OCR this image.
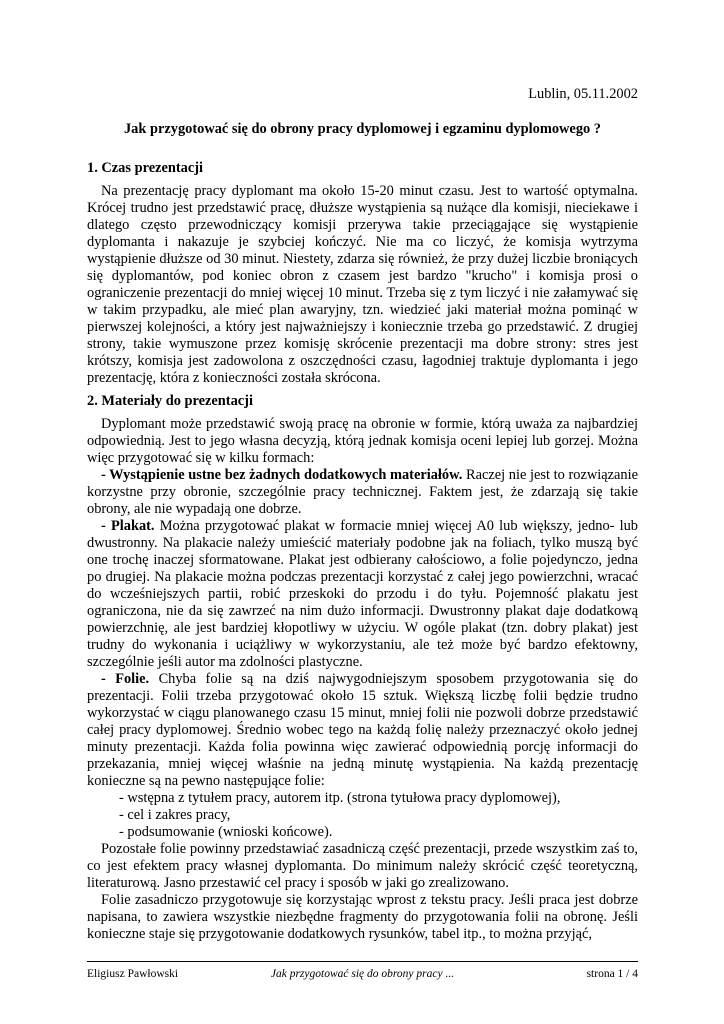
Lublin, 05.11.2002
Jak przygotować się do obrony pracy dyplomowej i egzaminu dyplomowego ?
1. Czas prezentacji

Na prezentację pracy dyplomant ma około 15-20 minut czasu. Jest to wartość optymalna. Krócej trudno jest przedstawić pracę, dłuższe wystąpienia są nużące dla komisji, nieciekawe i dlatego często przewodniczący komisji przerywa takie przeciągające się wystąpienie dyplomanta i nakazuje je szybciej kończyć. Nie ma co liczyć, że komisja wytrzyma wystąpienie dłuższe od 30 minut. Niestety, zdarza się również, że przy dużej liczbie broniących się dyplomantów, pod koniec obron z czasem jest bardzo "krucho" i komisja prosi o ograniczenie prezentacji do mniej więcej 10 minut. Trzeba się z tym liczyć i nie załamywać się w takim przypadku, ale mieć plan awaryjny, tzn. wiedzieć jaki materiał można pominąć w pierwszej kolejności, a który jest najważniejszy i koniecznie trzeba go przedstawić. Z drugiej strony, takie wymuszone przez komisję skrócenie prezentacji ma dobre strony: stres jest krótszy, komisja jest zadowolona z oszczędności czasu, łagodniej traktuje dyplomanta i jego prezentację, która z konieczności została skrócona.

2. Materiały do prezentacji

Dyplomant może przedstawić swoją pracę na obronie w formie, którą uważa za najbardziej odpowiednią. Jest to jego własna decyzją, którą jednak komisja oceni lepiej lub gorzej. Można więc przygotować się w kilku formach:

- Wystąpienie ustne bez żadnych dodatkowych materiałów. Raczej nie jest to rozwiązanie korzystne przy obronie, szczególnie pracy technicznej. Faktem jest, że zdarzają się takie obrony, ale nie wypadają one dobrze.

- Plakat. Można przygotować plakat w formacie mniej więcej A0 lub większy, jedno- lub dwustronny. Na plakacie należy umieścić materiały podobne jak na foliach, tylko muszą być one trochę inaczej sformatowane. Plakat jest odbierany całościowo, a folie pojedynczo, jedna po drugiej. Na plakacie można podczas prezentacji korzystać z całej jego powierzchni, wracać do wcześniejszych partii, robić przeskoki do przodu i do tyłu. Pojemność plakatu jest ograniczona, nie da się zawrzeć na nim dużo informacji. Dwustronny plakat daje dodatkową powierzchnię, ale jest bardziej kłopotliwy w użyciu. W ogóle plakat (tzn. dobry plakat) jest trudny do wykonania i uciążliwy w wykorzystaniu, ale też może być bardzo efektowny, szczególnie jeśli autor ma zdolności plastyczne.

- Folie. Chyba folie są na dziś najwygodniejszym sposobem przygotowania się do prezentacji. Folii trzeba przygotować około 15 sztuk. Większą liczbę folii będzie trudno wykorzystać w ciągu planowanego czasu 15 minut, mniej folii nie pozwoli dobrze przedstawić całej pracy dyplomowej. Średnio wobec tego na każdą folię należy przeznaczyć około jednej minuty prezentacji. Każda folia powinna więc zawierać odpowiednią porcję informacji do przekazania, mniej więcej właśnie na jedną minutę wystąpienia. Na każdą prezentację konieczne są na pewno następujące folie:

- wstępna z tytułem pracy, autorem itp. (strona tytułowa pracy dyplomowej),
- cel i zakres pracy,
- podsumowanie (wnioski końcowe).

Pozostałe folie powinny przedstawiać zasadniczą część prezentacji, przede wszystkim zaś to, co jest efektem pracy własnej dyplomanta. Do minimum należy skrócić część teoretyczną, literaturową. Jasno przestawić cel pracy i sposób w jaki go zrealizowano.

Folie zasadniczo przygotowuje się korzystając wprost z tekstu pracy. Jeśli praca jest dobrze napisana, to zawiera wszystkie niezbędne fragmenty do przygotowania folii na obronę. Jeśli konieczne staje się przygotowanie dodatkowych rysunków, tabel itp., to można przyjąć,

Eligiusz Pawłowski	Jak przygotować się do obrony pracy ...	strona 1 / 4
